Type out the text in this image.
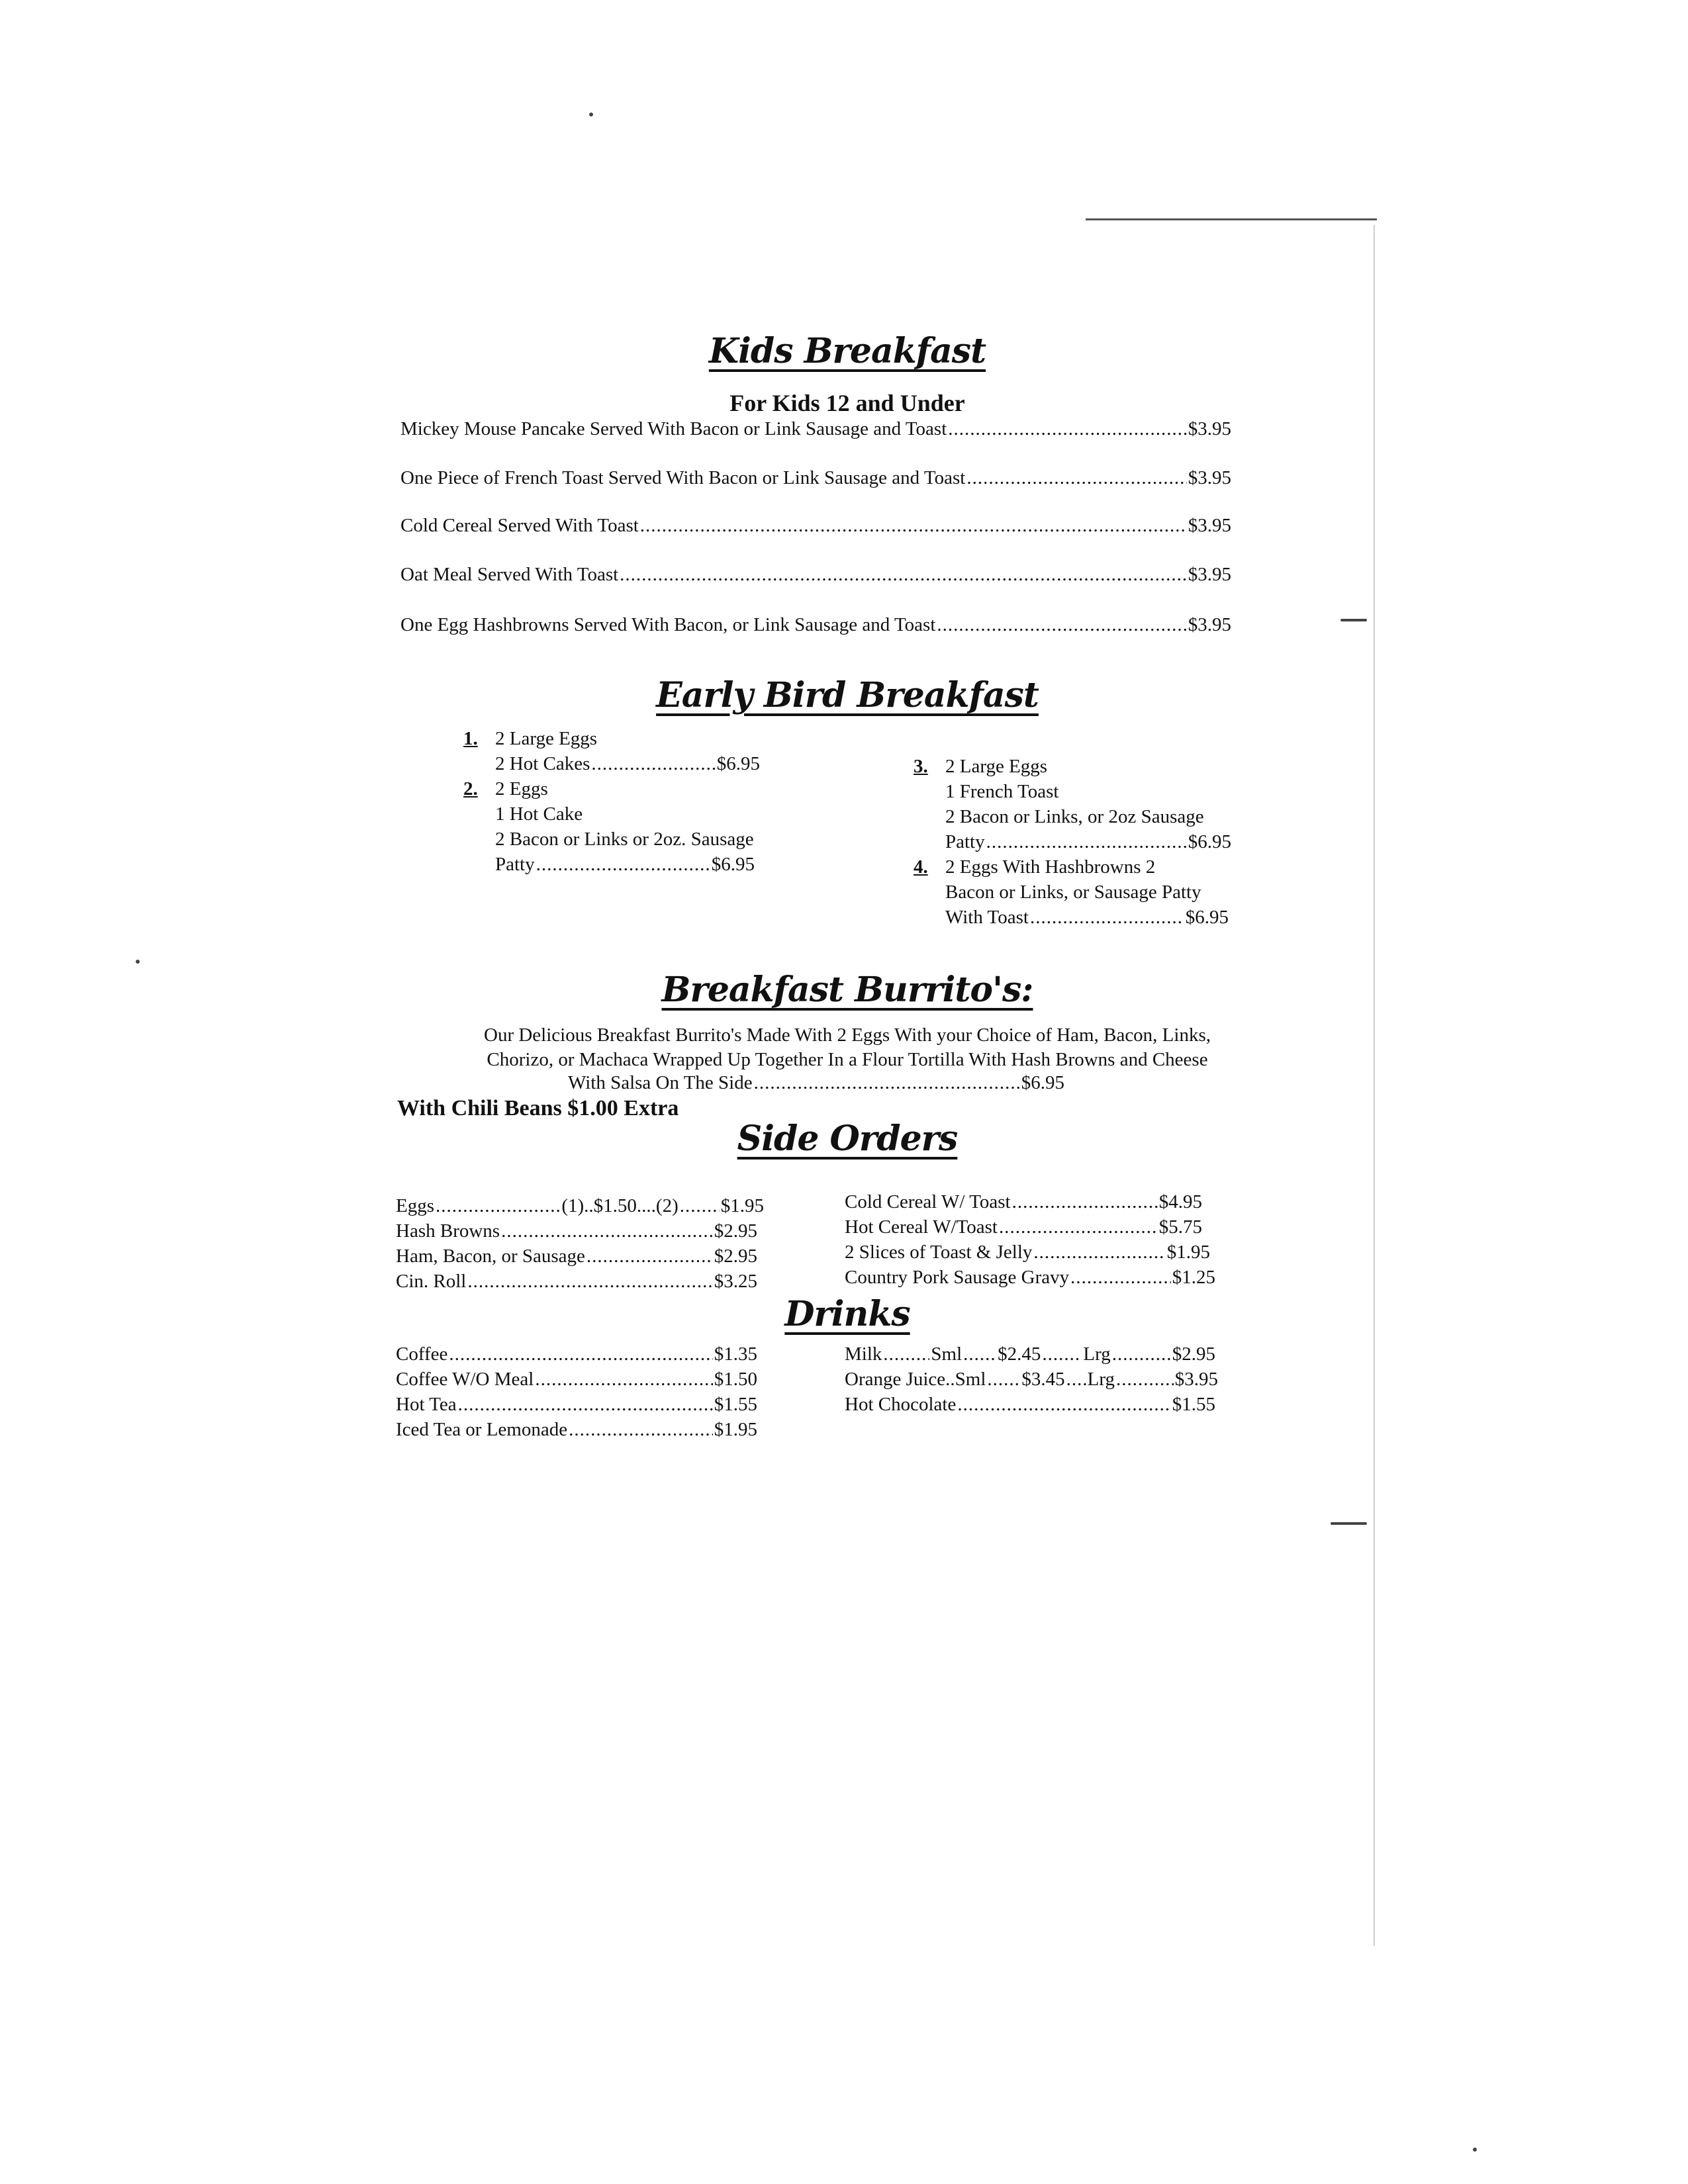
Kids Breakfast
For Kids 12 and Under
Mickey Mouse Pancake Served With Bacon or Link Sausage and Toast .....	$3.95
One Piece of French Toast Served With Bacon or Link Sausage and Toast .....	$3.95
Cold Cereal Served With Toast .....	$3.95
Oat Meal Served With Toast .....	$3.95
One Egg Hashbrowns Served With Bacon, or Link Sausage and Toast .....	$3.95
Early Bird Breakfast
1. 2 Large Eggs
2 Hot Cakes .....	$6.95
2. 2 Eggs
1 Hot Cake
2 Bacon or Links or 2oz. Sausage
Patty .....	$6.95
3. 2 Large Eggs
1 French Toast
2 Bacon or Links, or 2oz Sausage
Patty .....	$6.95
4. 2 Eggs With Hashbrowns 2
Bacon or Links, or Sausage Patty
With Toast .....	$6.95
Breakfast Burrito's:
Our Delicious Breakfast Burrito's Made With 2 Eggs With your Choice of Ham, Bacon, Links,
Chorizo, or Machaca Wrapped Up Together In a Flour Tortilla With Hash Browns and Cheese
With Salsa On The Side .....	$6.95
With Chili Beans $1.00 Extra
Side Orders
Eggs .....	(1)..$1.50....(2) ..... $1.95
Hash Browns .....	$2.95
Ham, Bacon, or Sausage .....	$2.95
Cin. Roll .....	$3.25
Cold Cereal W/ Toast .....	$4.95
Hot Cereal W/Toast .....	$5.75
2 Slices of Toast & Jelly .....	$1.95
Country Pork Sausage Gravy .....	$1.25
Drinks
Coffee .....	$1.35
Coffee W/O Meal .....	$1.50
Hot Tea .....	$1.55
Iced Tea or Lemonade .....	$1.95
Milk .....	Sml ..... $2.45 ..... Lrg .....	$2.95
Orange Juice..Sml ..... $3.45 ..... Lrg .....	$3.95
Hot Chocolate .....	$1.55
